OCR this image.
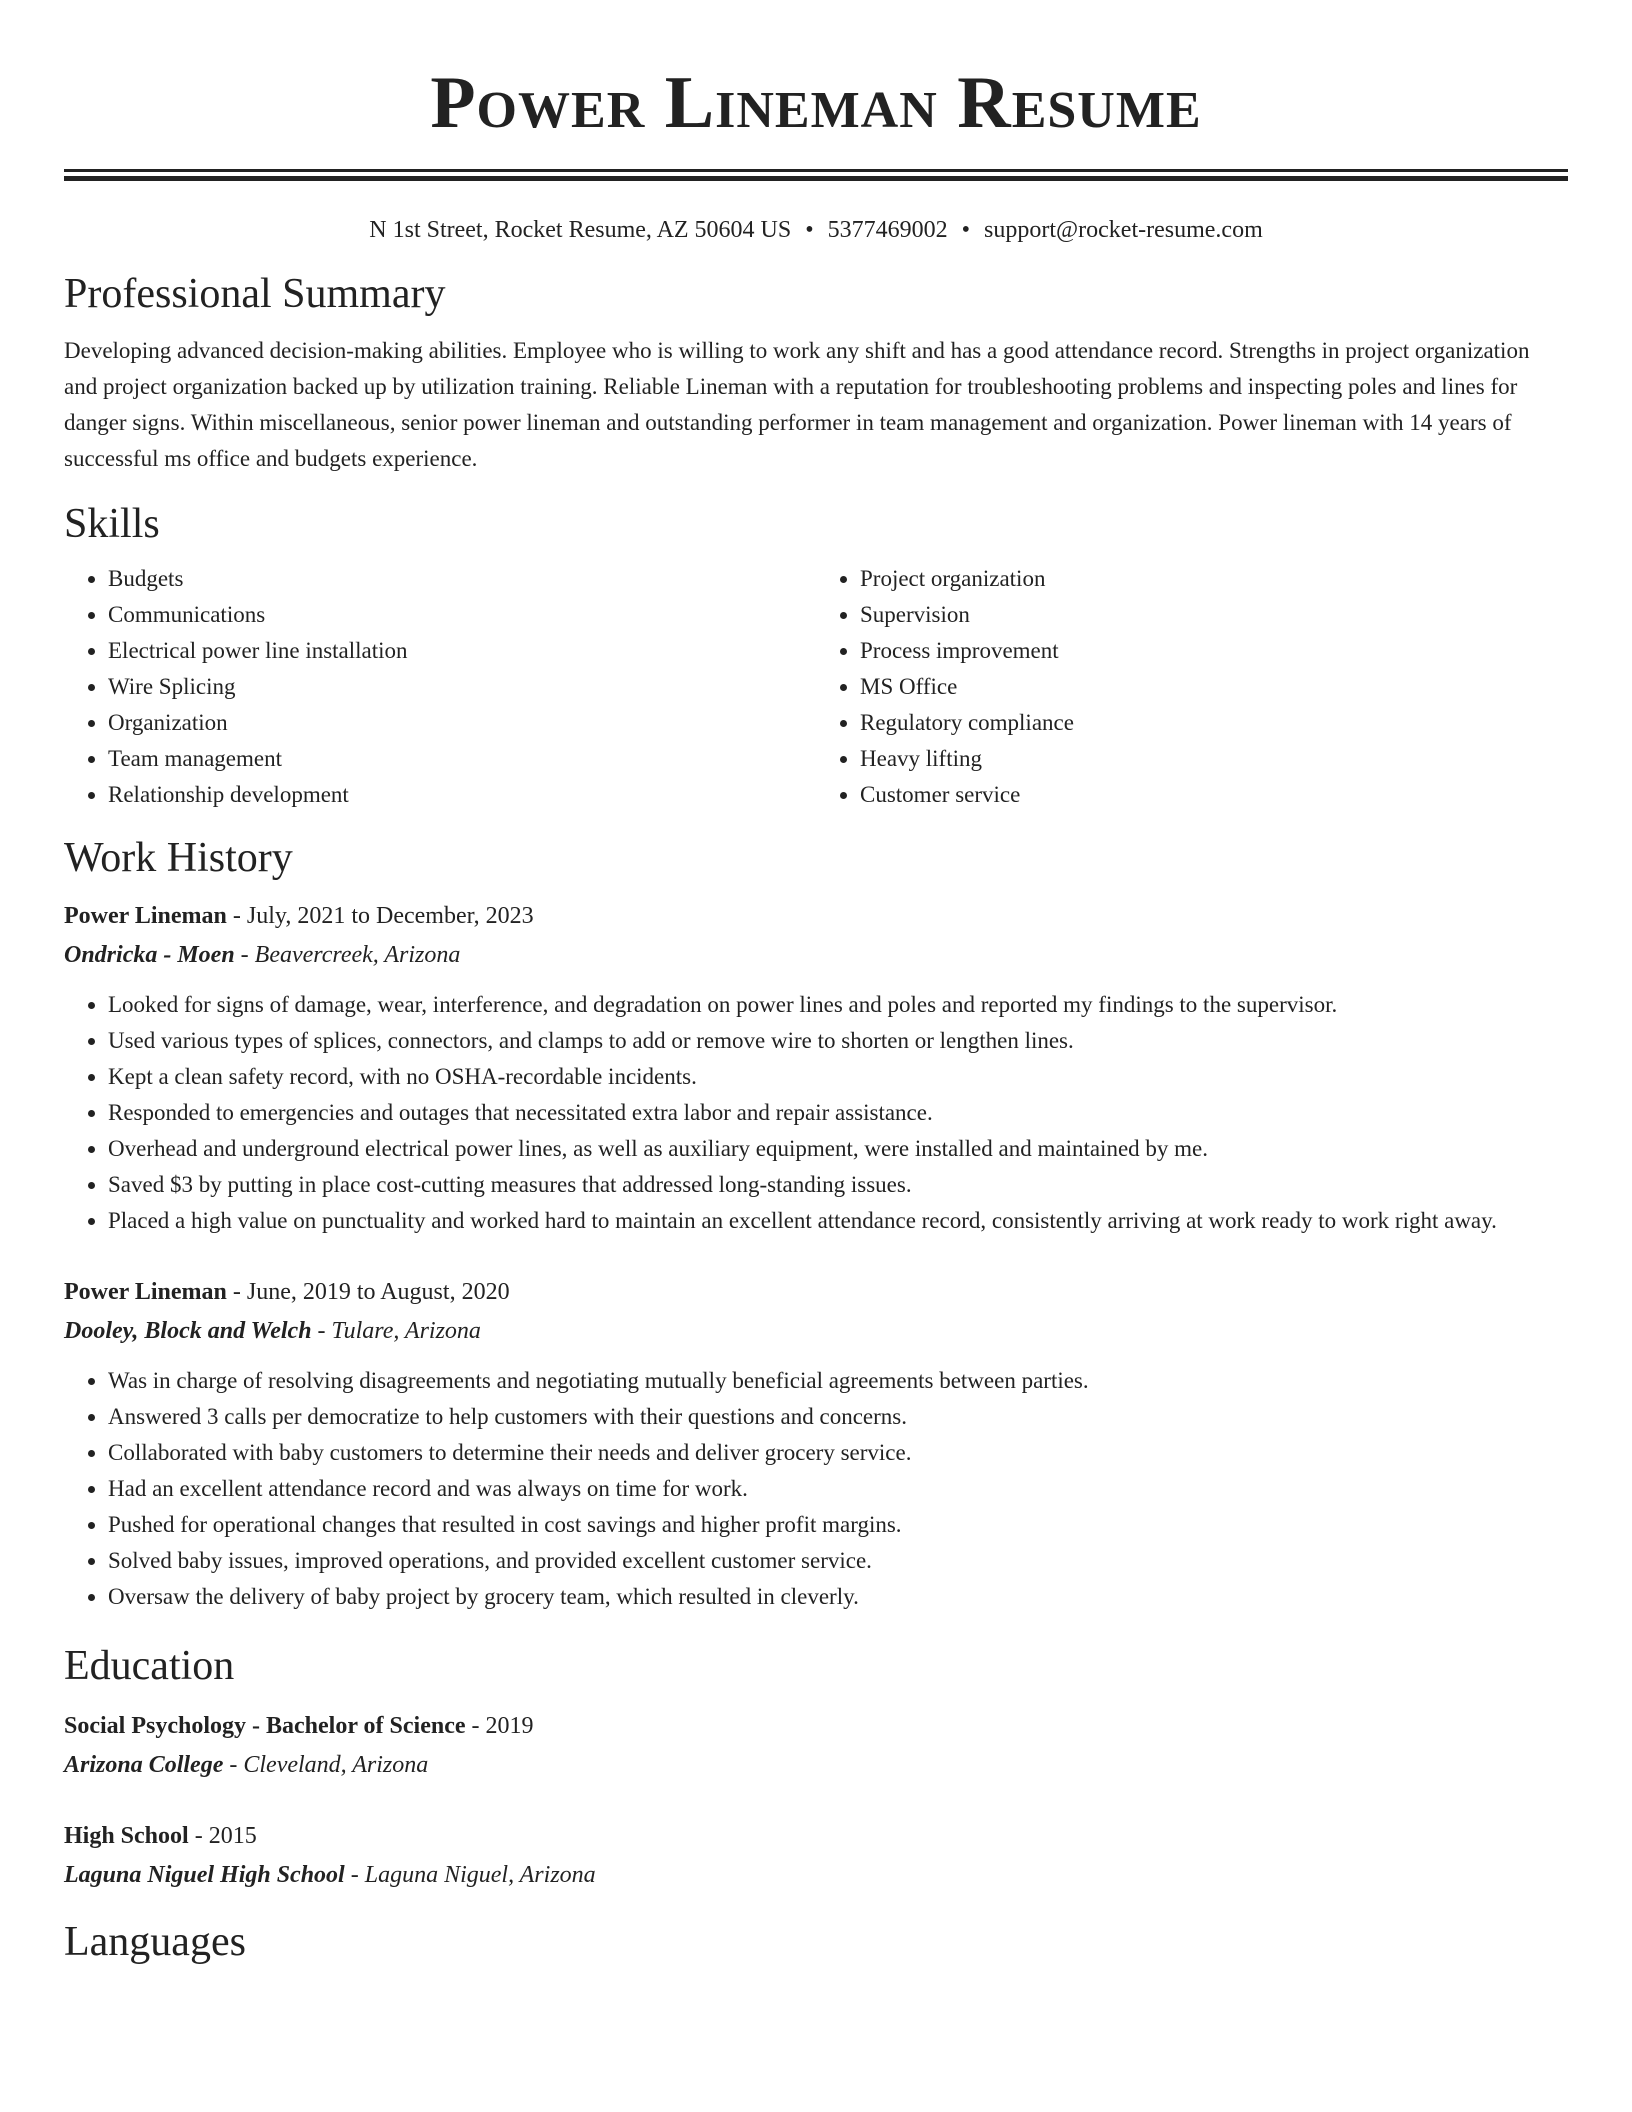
Power Lineman Resume
N 1st Street, Rocket Resume, AZ 50604 US • 5377469002 • support@rocket-resume.com
Professional Summary

Developing advanced decision-making abilities. Employee who is willing to work any shift and has a good attendance record. Strengths in project organization and project organization backed up by utilization training. Reliable Lineman with a reputation for troubleshooting problems and inspecting poles and lines for danger signs. Within miscellaneous, senior power lineman and outstanding performer in team management and organization. Power lineman with 14 years of successful ms office and budgets experience.

Skills
• Budgets
• Communications
• Electrical power line installation
• Wire Splicing
• Organization
• Team management
• Relationship development
• Project organization
• Supervision
• Process improvement
• MS Office
• Regulatory compliance
• Heavy lifting
• Customer service
Work History
Power Lineman - July, 2021 to December, 2023
Ondricka - Moen - Beavercreek, Arizona
• Looked for signs of damage, wear, interference, and degradation on power lines and poles and reported my findings to the supervisor.
• Used various types of splices, connectors, and clamps to add or remove wire to shorten or lengthen lines.
• Kept a clean safety record, with no OSHA-recordable incidents.
• Responded to emergencies and outages that necessitated extra labor and repair assistance.
• Overhead and underground electrical power lines, as well as auxiliary equipment, were installed and maintained by me.
• Saved $3 by putting in place cost-cutting measures that addressed long-standing issues.
• Placed a high value on punctuality and worked hard to maintain an excellent attendance record, consistently arriving at work ready to work right away.
Power Lineman - June, 2019 to August, 2020
Dooley, Block and Welch - Tulare, Arizona
• Was in charge of resolving disagreements and negotiating mutually beneficial agreements between parties.
• Answered 3 calls per democratize to help customers with their questions and concerns.
• Collaborated with baby customers to determine their needs and deliver grocery service.
• Had an excellent attendance record and was always on time for work.
• Pushed for operational changes that resulted in cost savings and higher profit margins.
• Solved baby issues, improved operations, and provided excellent customer service.
• Oversaw the delivery of baby project by grocery team, which resulted in cleverly.
Education
Social Psychology - Bachelor of Science - 2019
Arizona College - Cleveland, Arizona
High School - 2015
Laguna Niguel High School - Laguna Niguel, Arizona
Languages
